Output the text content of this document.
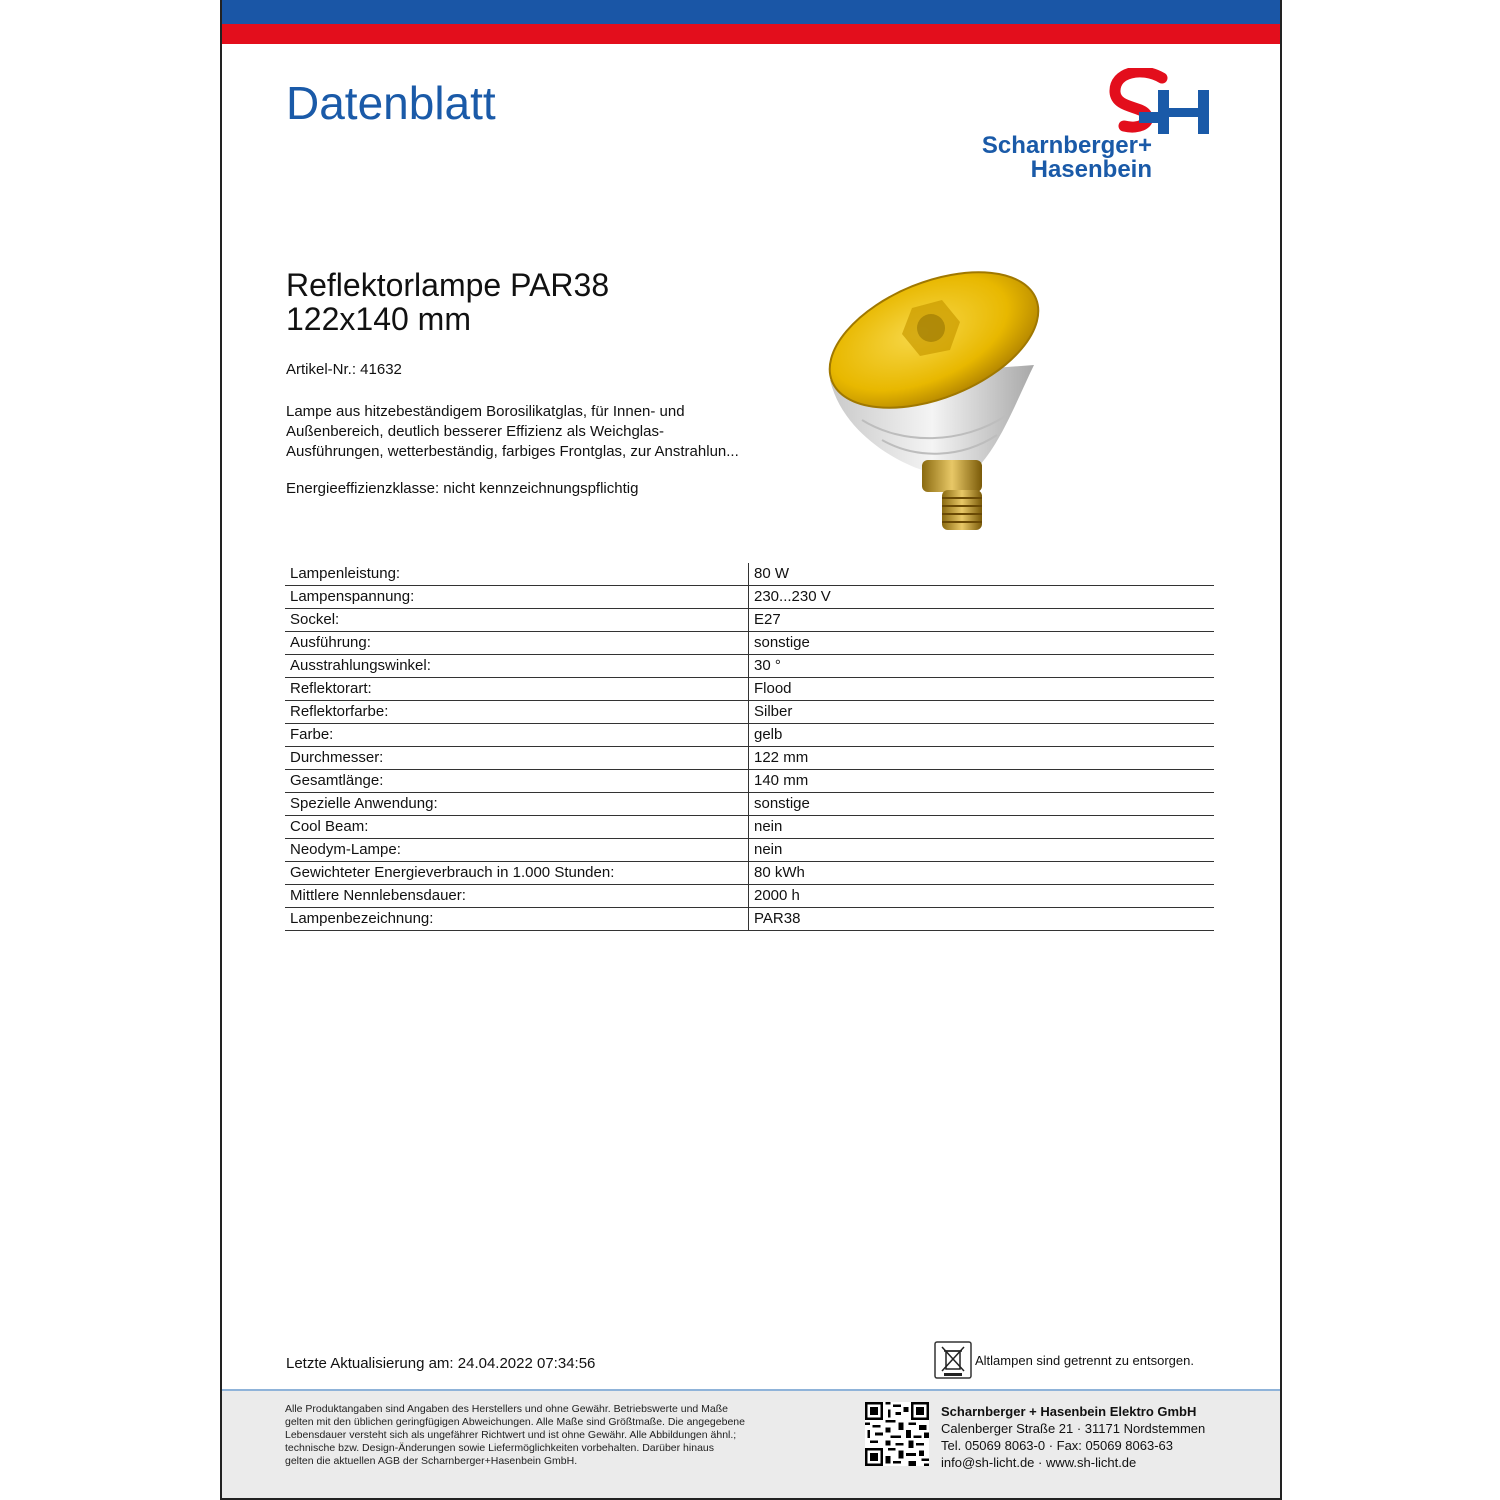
Datenblatt
Scharnberger+
Hasenbein
Reflektorlampe PAR38
122x140 mm
Artikel-Nr.: 41632
Lampe aus hitzebeständigem Borosilikatglas, für Innen- und
Außenbereich, deutlich besserer Effizienz als Weichglas-
Ausführungen, wetterbeständig, farbiges Frontglas, zur Anstrahlun...
Energieeffizienzklasse: nicht kennzeichnungspflichtig
Lampenleistung:	80 W
Lampenspannung:	230...230 V
Sockel:	E27
Ausführung:	sonstige
Ausstrahlungswinkel:	30 °
Reflektorart:	Flood
Reflektorfarbe:	Silber
Farbe:	gelb
Durchmesser:	122 mm
Gesamtlänge:	140 mm
Spezielle Anwendung:	sonstige
Cool Beam:	nein
Neodym-Lampe:	nein
Gewichteter Energieverbrauch in 1.000 Stunden:	80 kWh
Mittlere Nennlebensdauer:	2000 h
Lampenbezeichnung:	PAR38
Letzte Aktualisierung am: 24.04.2022 07:34:56	Altlampen sind getrennt zu entsorgen.
Alle Produktangaben sind Angaben des Herstellers und ohne Gewähr. Betriebswerte und Maße
gelten mit den üblichen geringfügigen Abweichungen. Alle Maße sind Größtmaße. Die angegebene
Lebensdauer versteht sich als ungefährer Richtwert und ist ohne Gewähr. Alle Abbildungen ähnl.;
technische bzw. Design-Änderungen sowie Liefermöglichkeiten vorbehalten. Darüber hinaus
gelten die aktuellen AGB der Scharnberger+Hasenbein GmbH.
Scharnberger + Hasenbein Elektro GmbH
Calenberger Straße 21 · 31171 Nordstemmen
Tel. 05069 8063-0 · Fax: 05069 8063-63
info@sh-licht.de · www.sh-licht.de
